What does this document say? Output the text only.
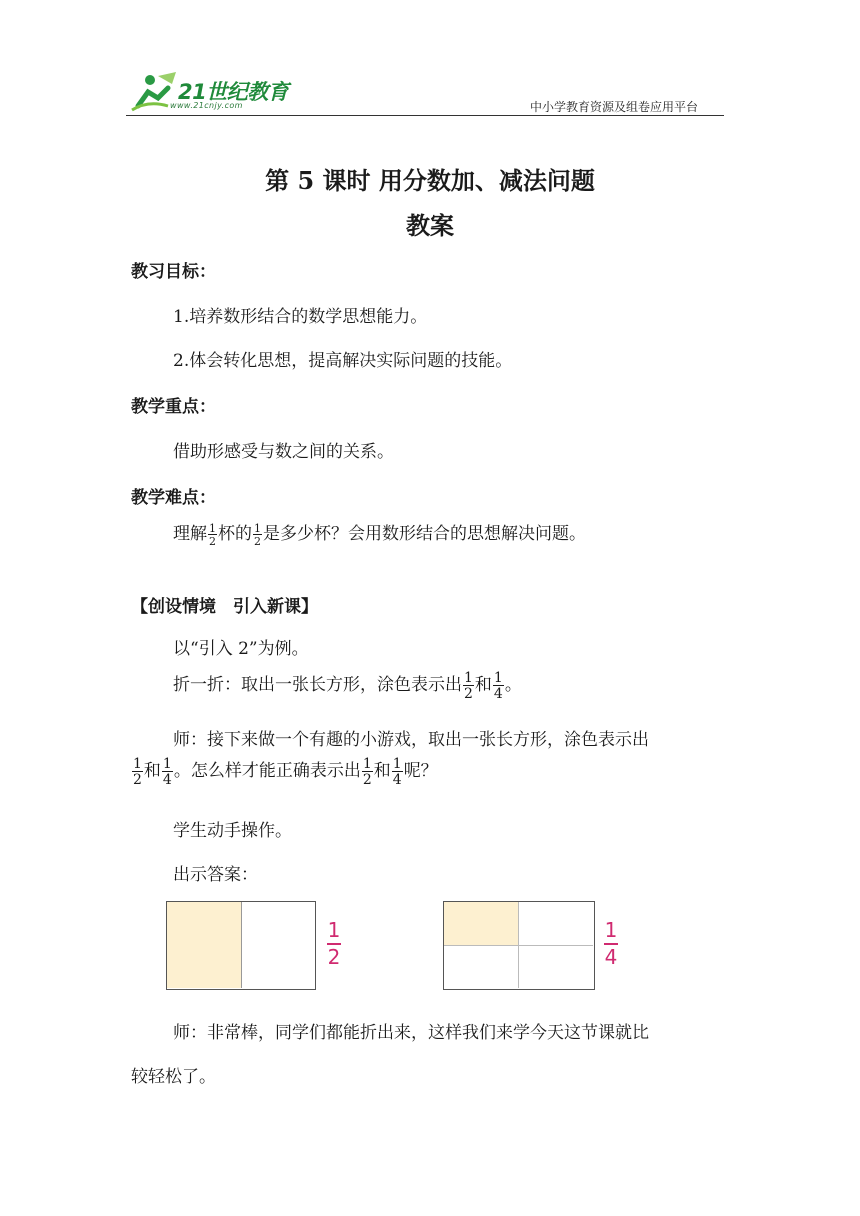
21世纪教育
www.21cnjy.com	中小学教育资源及组卷应用平台
第 5 课时 用分数加、减法问题
教案
教习目标：
1.培养数形结合的数学思想能力。
2.体会转化思想，提高解决实际问题的技能。
教学重点：
借助形感受与数之间的关系。
教学难点：
理解 $\frac{1}{2}$ 杯的 $\frac{1}{2}$ 是多少杯？会用数形结合的思想解决问题。
【创设情境　引入新课】
以“引入 2”为例。
折一折：取出一张长方形，涂色表示出 $\frac{1}{2}$ 和 $\frac{1}{4}$ 。
师：接下来做一个有趣的小游戏，取出一张长方形，涂色表示出
$\frac{1}{2}$ 和 $\frac{1}{4}$ 。怎么样才能正确表示出 $\frac{1}{2}$ 和 $\frac{1}{4}$ 呢？
学生动手操作。
出示答案：
1
2
1
4
师：非常棒，同学们都能折出来，这样我们来学今天这节课就比
较轻松了。
